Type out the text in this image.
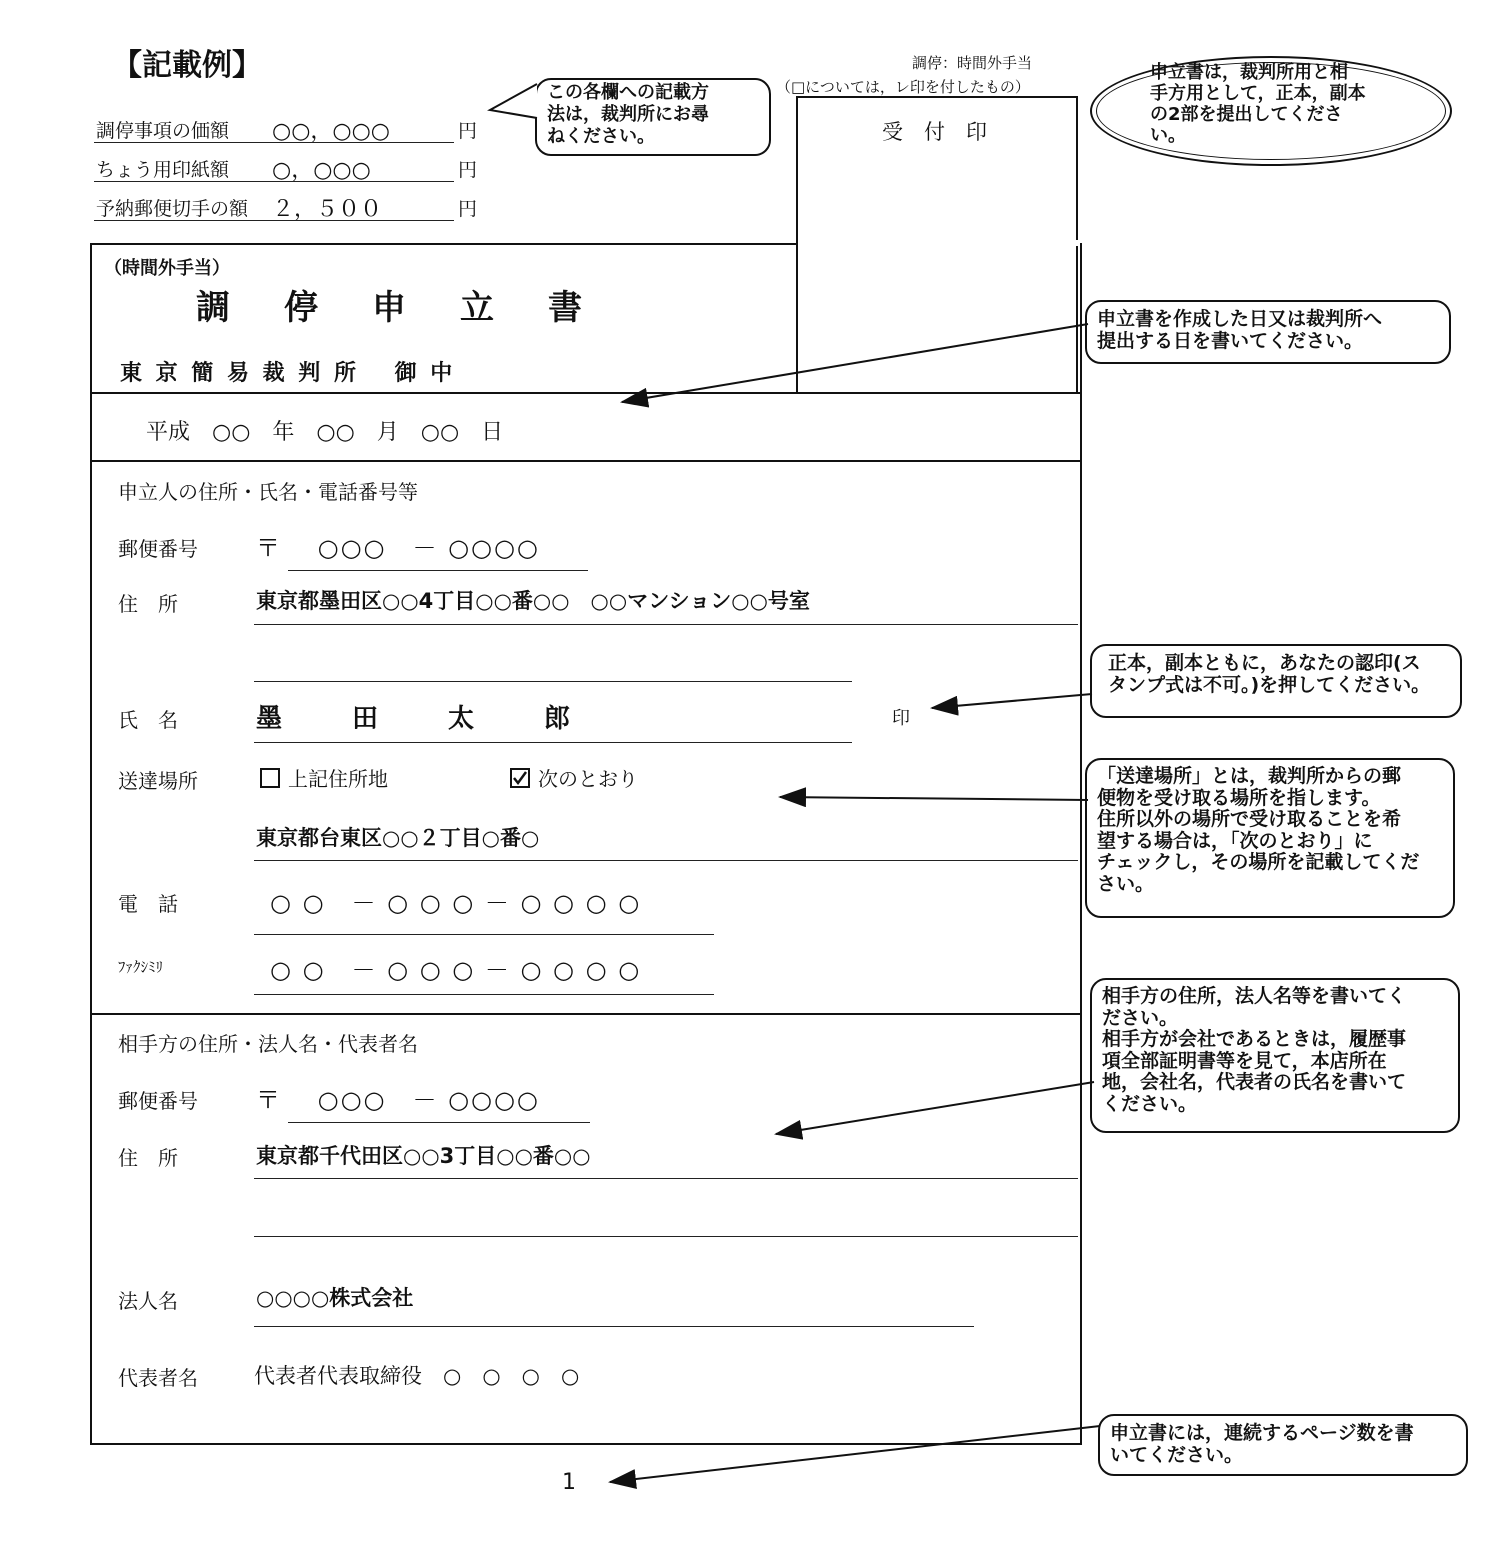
【記載例】
調停事項の価額 ○○，○○○	円
ちょう用印紙額 ○，○○○	円
予納郵便切手の額 ２，５００	円
調停：時間外手当
（□については，レ印を付したもの）
受　付　印
（時間外手当）
調　停　申　立　書
東 京 簡 易 裁 判 所　 御 中
平成　○○　年　○○　月　○○　日
申立人の住所・氏名・電話番号等
郵便番号 〒　 ○○○　－ ○○○○
住　所	東京都墨田区○○4丁目○○番○○　○○マンション○○号室
氏　名	墨　　田　　太　　郎	印
送達場所	上記住所地	次のとおり
東京都台東区○○２丁目○番○
電　話	○ ○　－ ○ ○ ○ － ○ ○ ○ ○
ﾌｧｸｼﾐﾘ	○ ○　－ ○ ○ ○ － ○ ○ ○ ○
相手方の住所・法人名・代表者名
郵便番号 〒　 ○○○　－ ○○○○
住　所	東京都千代田区○○3丁目○○番○○
法人名	○○○○株式会社
代表者名	代表者代表取締役　○　○　○　○
1
この各欄への記載方
法は，裁判所にお尋
ねください。
申立書は，裁判所用と相
手方用として，正本，副本
の2部を提出してくださ
い。
申立書を作成した日又は裁判所へ
提出する日を書いてください。
正本，副本ともに，あなたの認印(ス
タンプ式は不可。)を押してください。
「送達場所」とは，裁判所からの郵
便物を受け取る場所を指します。
住所以外の場所で受け取ることを希
望する場合は，「次のとおり」に
チェックし，その場所を記載してくだ
さい。
相手方の住所，法人名等を書いてく
ださい。
相手方が会社であるときは，履歴事
項全部証明書等を見て，本店所在
地，会社名，代表者の氏名を書いて
ください。
申立書には，連続するページ数を書
いてください。
